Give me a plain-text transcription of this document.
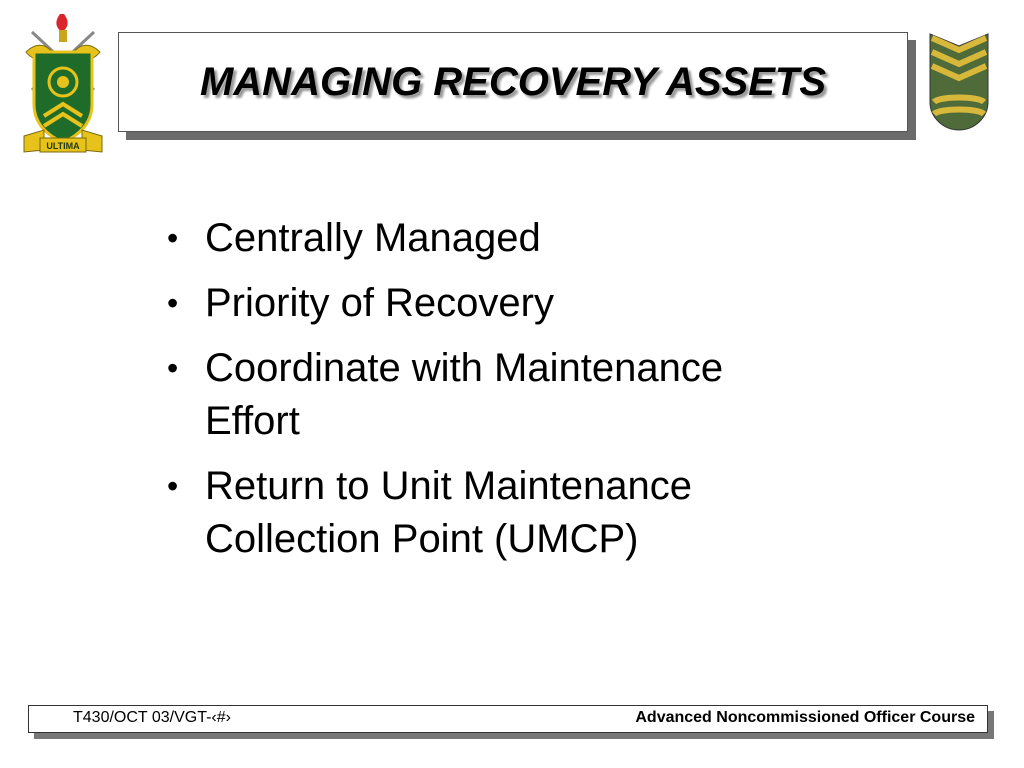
ULTIMA
MANAGING RECOVERY ASSETS
• Centrally Managed
• Priority of Recovery
• Coordinate with Maintenance
Effort
• Return to Unit Maintenance
Collection Point (UMCP)
T430/OCT 03/VGT-‹#›	Advanced Noncommissioned Officer Course
